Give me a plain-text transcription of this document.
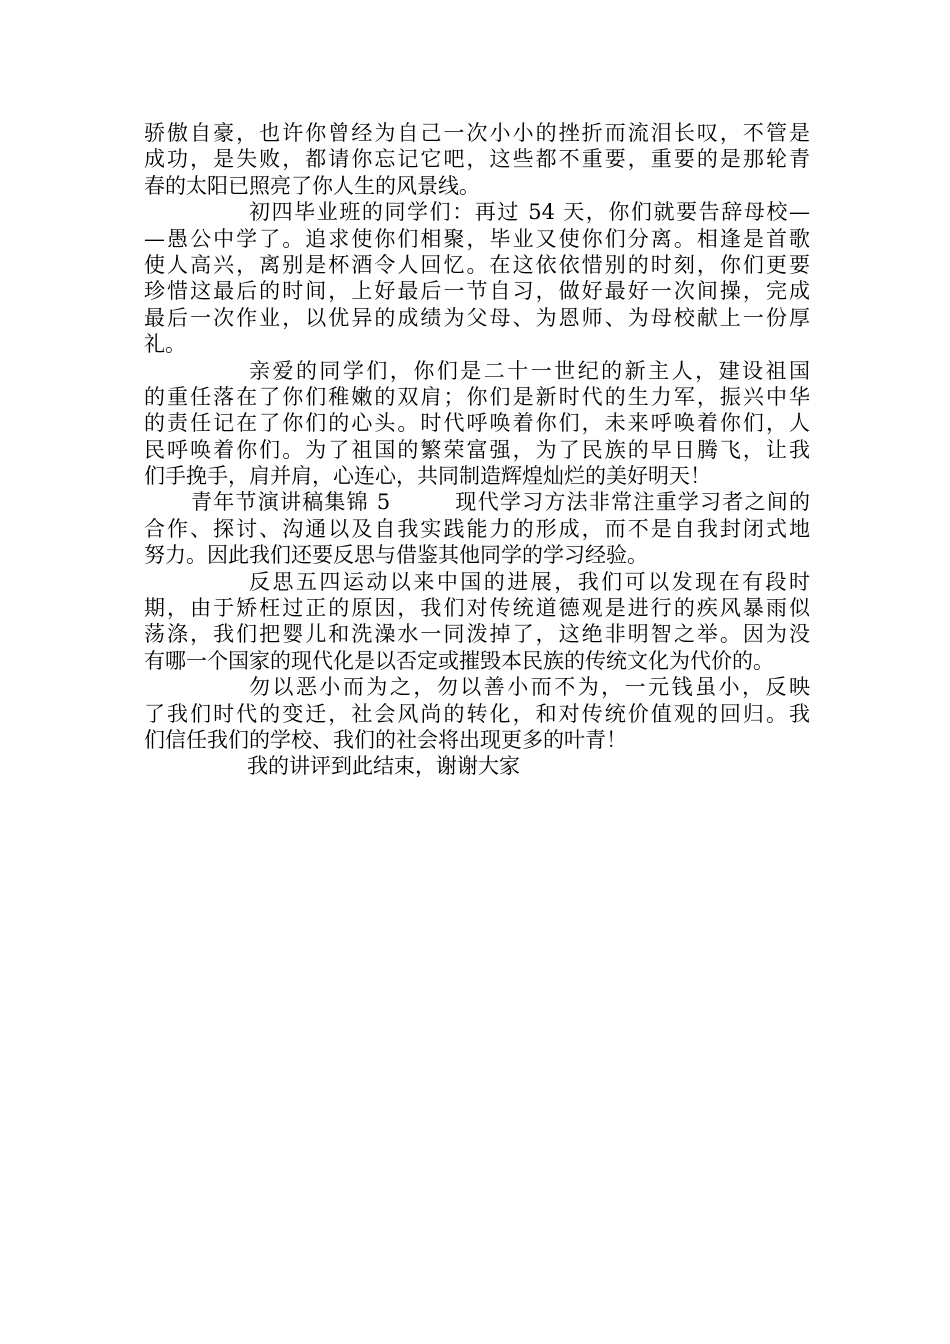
骄傲自豪，也许你曾经为自己一次小小的挫折而流泪长叹，不管是
成功，是失败，都请你忘记它吧，这些都不重要，重要的是那轮青
春的太阳已照亮了你人生的风景线。
初四毕业班的同学们：再过 54 天，你们就要告辞母校—
—愚公中学了。追求使你们相聚，毕业又使你们分离。相逢是首歌
使人高兴，离别是杯酒令人回忆。在这依依惜别的时刻，你们更要
珍惜这最后的时间，上好最后一节自习，做好最好一次间操，完成
最后一次作业，以优异的成绩为父母、为恩师、为母校献上一份厚
礼。
亲爱的同学们，你们是二十一世纪的新主人，建设祖国
的重任落在了你们稚嫩的双肩；你们是新时代的生力军，振兴中华
的责任记在了你们的心头。时代呼唤着你们，未来呼唤着你们，人
民呼唤着你们。为了祖国的繁荣富强，为了民族的早日腾飞，让我
们手挽手，肩并肩，心连心，共同制造辉煌灿烂的美好明天！
青年节演讲稿集锦 5	现代学习方法非常注重学习者之间的
合作、探讨、沟通以及自我实践能力的形成，而不是自我封闭式地
努力。因此我们还要反思与借鉴其他同学的学习经验。
反思五四运动以来中国的进展，我们可以发现在有段时
期，由于矫枉过正的原因，我们对传统道德观是进行的疾风暴雨似
荡涤，我们把婴儿和洗澡水一同泼掉了，这绝非明智之举。因为没
有哪一个国家的现代化是以否定或摧毁本民族的传统文化为代价的。
勿以恶小而为之，勿以善小而不为，一元钱虽小，反映
了我们时代的变迁，社会风尚的转化，和对传统价值观的回归。我
们信任我们的学校、我们的社会将出现更多的叶青！
我的讲评到此结束，谢谢大家
